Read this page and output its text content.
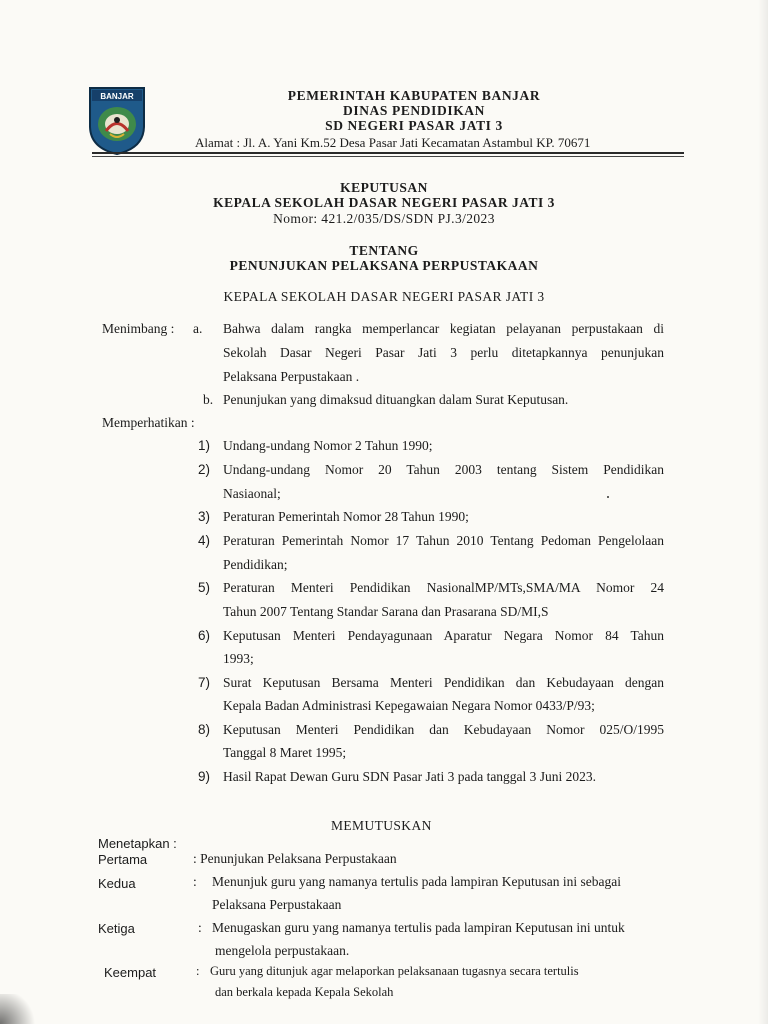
BANJAR	PEMERINTAH KABUPATEN BANJAR
DINAS PENDIDIKAN
SD NEGERI PASAR JATI 3
Alamat : Jl. A. Yani Km.52 Desa Pasar Jati Kecamatan Astambul KP. 70671
KEPUTUSAN
KEPALA SEKOLAH DASAR NEGERI PASAR JATI 3
Nomor: 421.2/035/DS/SDN PJ.3/2023
TENTANG
PENUNJUKAN PELAKSANA PERPUSTAKAAN
KEPALA SEKOLAH DASAR NEGERI PASAR JATI 3
Menimbang : a. Bahwa dalam rangka memperlancar kegiatan pelayanan perpustakaan di
Sekolah Dasar Negeri Pasar Jati 3 perlu ditetapkannya penunjukan
Pelaksana Perpustakaan .
b. Penunjukan yang dimaksud dituangkan dalam Surat Keputusan.
Memperhatikan :
1) Undang-undang Nomor 2 Tahun 1990;
2) Undang-undang Nomor 20 Tahun 2003 tentang Sistem Pendidikan
Nasiaonal;
3) Peraturan Pemerintah Nomor 28 Tahun 1990;
4) Peraturan Pemerintah Nomor 17 Tahun 2010 Tentang Pedoman Pengelolaan
Pendidikan;
5) Peraturan Menteri Pendidikan NasionalMP/MTs,SMA/MA Nomor 24
Tahun 2007 Tentang Standar Sarana dan Prasarana SD/MI,S
6) Keputusan Menteri Pendayagunaan Aparatur Negara Nomor 84 Tahun
1993;
7) Surat Keputusan Bersama Menteri Pendidikan dan Kebudayaan dengan
Kepala Badan Administrasi Kepegawaian Negara Nomor 0433/P/93;
8) Keputusan Menteri Pendidikan dan Kebudayaan Nomor 025/O/1995
Tanggal 8 Maret 1995;
9) Hasil Rapat Dewan Guru SDN Pasar Jati 3 pada tanggal 3 Juni 2023.
MEMUTUSKAN
Menetapkan :
Pertama	: Penunjukan Pelaksana Perpustakaan
Kedua	: Menunjuk guru yang namanya tertulis pada lampiran Keputusan ini sebagai
Pelaksana Perpustakaan
Ketiga	: Menugaskan guru yang namanya tertulis pada lampiran Keputusan ini untuk
mengelola perpustakaan.
Keempat	: Guru yang ditunjuk agar melaporkan pelaksanaan tugasnya secara tertulis
dan berkala kepada Kepala Sekolah
